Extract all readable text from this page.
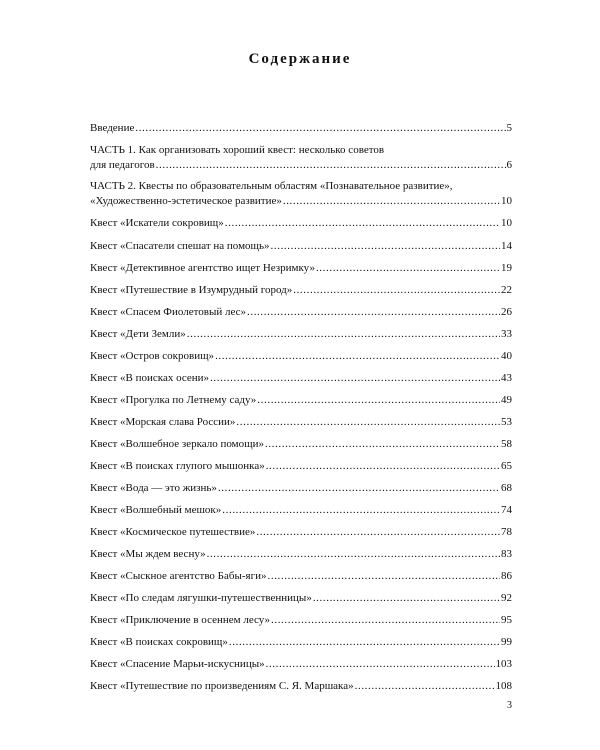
Содержание
Введение .....	5
ЧАСТЬ 1. Как организовать хороший квест: несколько советов
для педагогов .....	6
ЧАСТЬ 2. Квесты по образовательным областям «Познавательное развитие»,
«Художественно-эстетическое развитие» .....	10
Квест «Искатели сокровищ» .....	10
Квест «Спасатели спешат на помощь» .....	14
Квест «Детективное агентство ищет Незримку» .....	19
Квест «Путешествие в Изумрудный город» .....	22
Квест «Спасем Фиолетовый лес» .....	26
Квест «Дети Земли» .....	33
Квест «Остров сокровищ» .....	40
Квест «В поисках осени» .....	43
Квест «Прогулка по Летнему саду» .....	49
Квест «Морская слава России» .....	53
Квест «Волшебное зеркало помощи» .....	58
Квест «В поисках глупого мышонка» .....	65
Квест «Вода — это жизнь» .....	68
Квест «Волшебный мешок» .....	74
Квест «Космическое путешествие» .....	78
Квест «Мы ждем весну» .....	83
Квест «Сыскное агентство Бабы-яги» .....	86
Квест «По следам лягушки-путешественницы» .....	92
Квест «Приключение в осеннем лесу» .....	95
Квест «В поисках сокровищ» .....	99
Квест «Спасение Марьи-искусницы» .....	103
Квест «Путешествие по произведениям С. Я. Маршака» .....	108
3
